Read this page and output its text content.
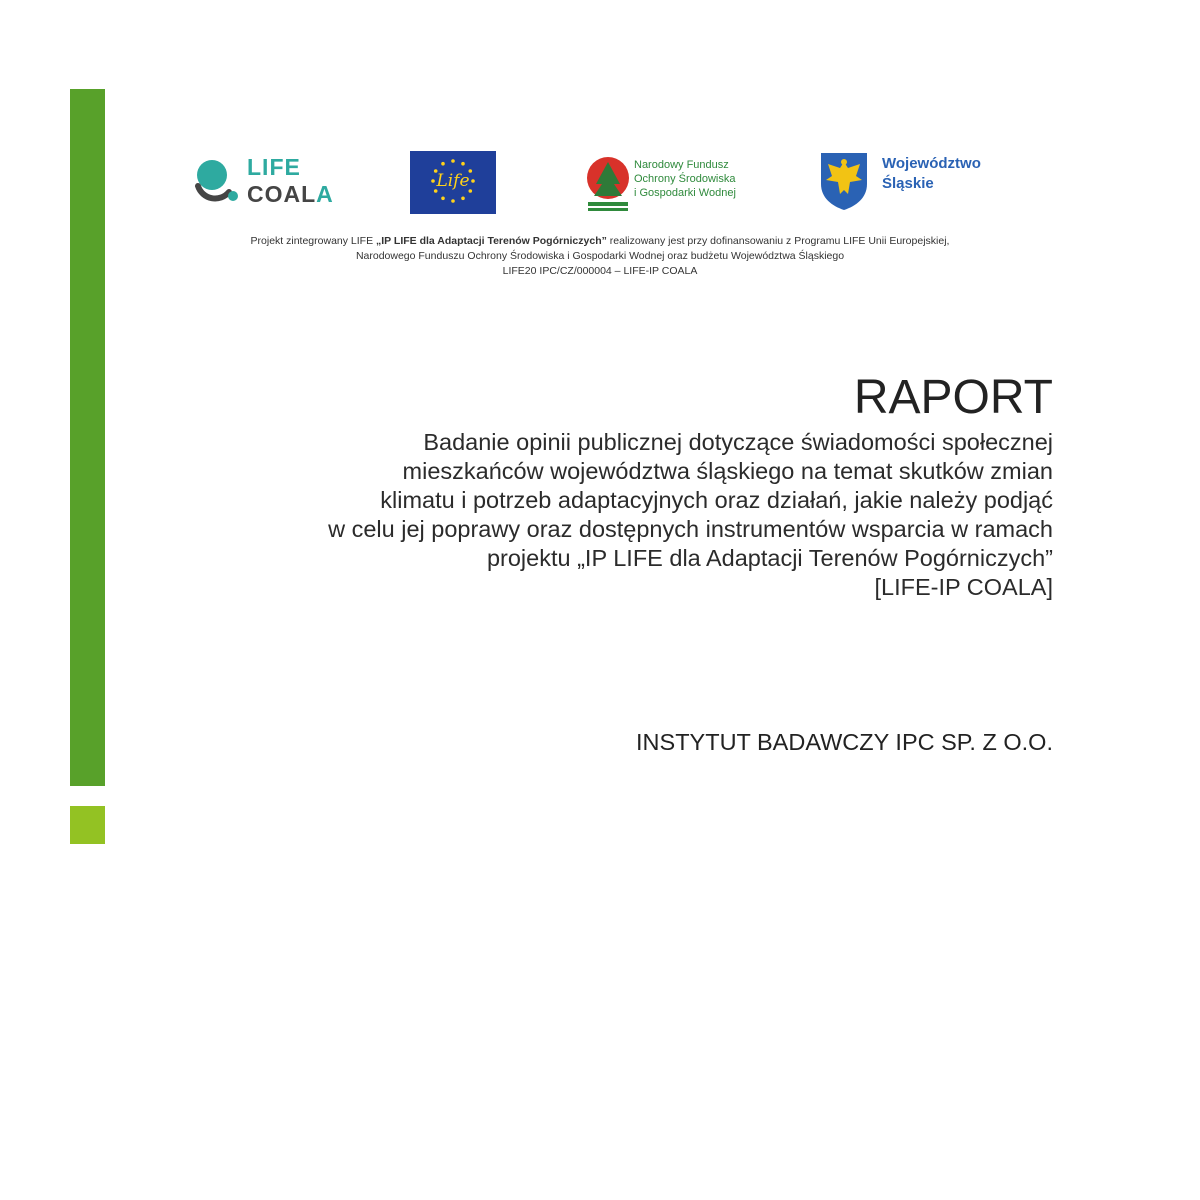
LIFE
COALA	Life
Narodowy Fundusz
Ochrony Środowiska
i Gospodarki Wodnej
Województwo
Śląskie
Projekt zintegrowany LIFE „IP LIFE dla Adaptacji Terenów Pogórniczych” realizowany jest przy dofinansowaniu z Programu LIFE Unii Europejskiej,
Narodowego Funduszu Ochrony Środowiska i Gospodarki Wodnej oraz budżetu Województwa Śląskiego
LIFE20 IPC/CZ/000004 – LIFE-IP COALA
RAPORT
Badanie opinii publicznej dotyczące świadomości społecznej
mieszkańców województwa śląskiego na temat skutków zmian
klimatu i potrzeb adaptacyjnych oraz działań, jakie należy podjąć
w celu jej poprawy oraz dostępnych instrumentów wsparcia w ramach
projektu „IP LIFE dla Adaptacji Terenów Pogórniczych”
[LIFE-IP COALA]
INSTYTUT BADAWCZY IPC SP. Z O.O.
